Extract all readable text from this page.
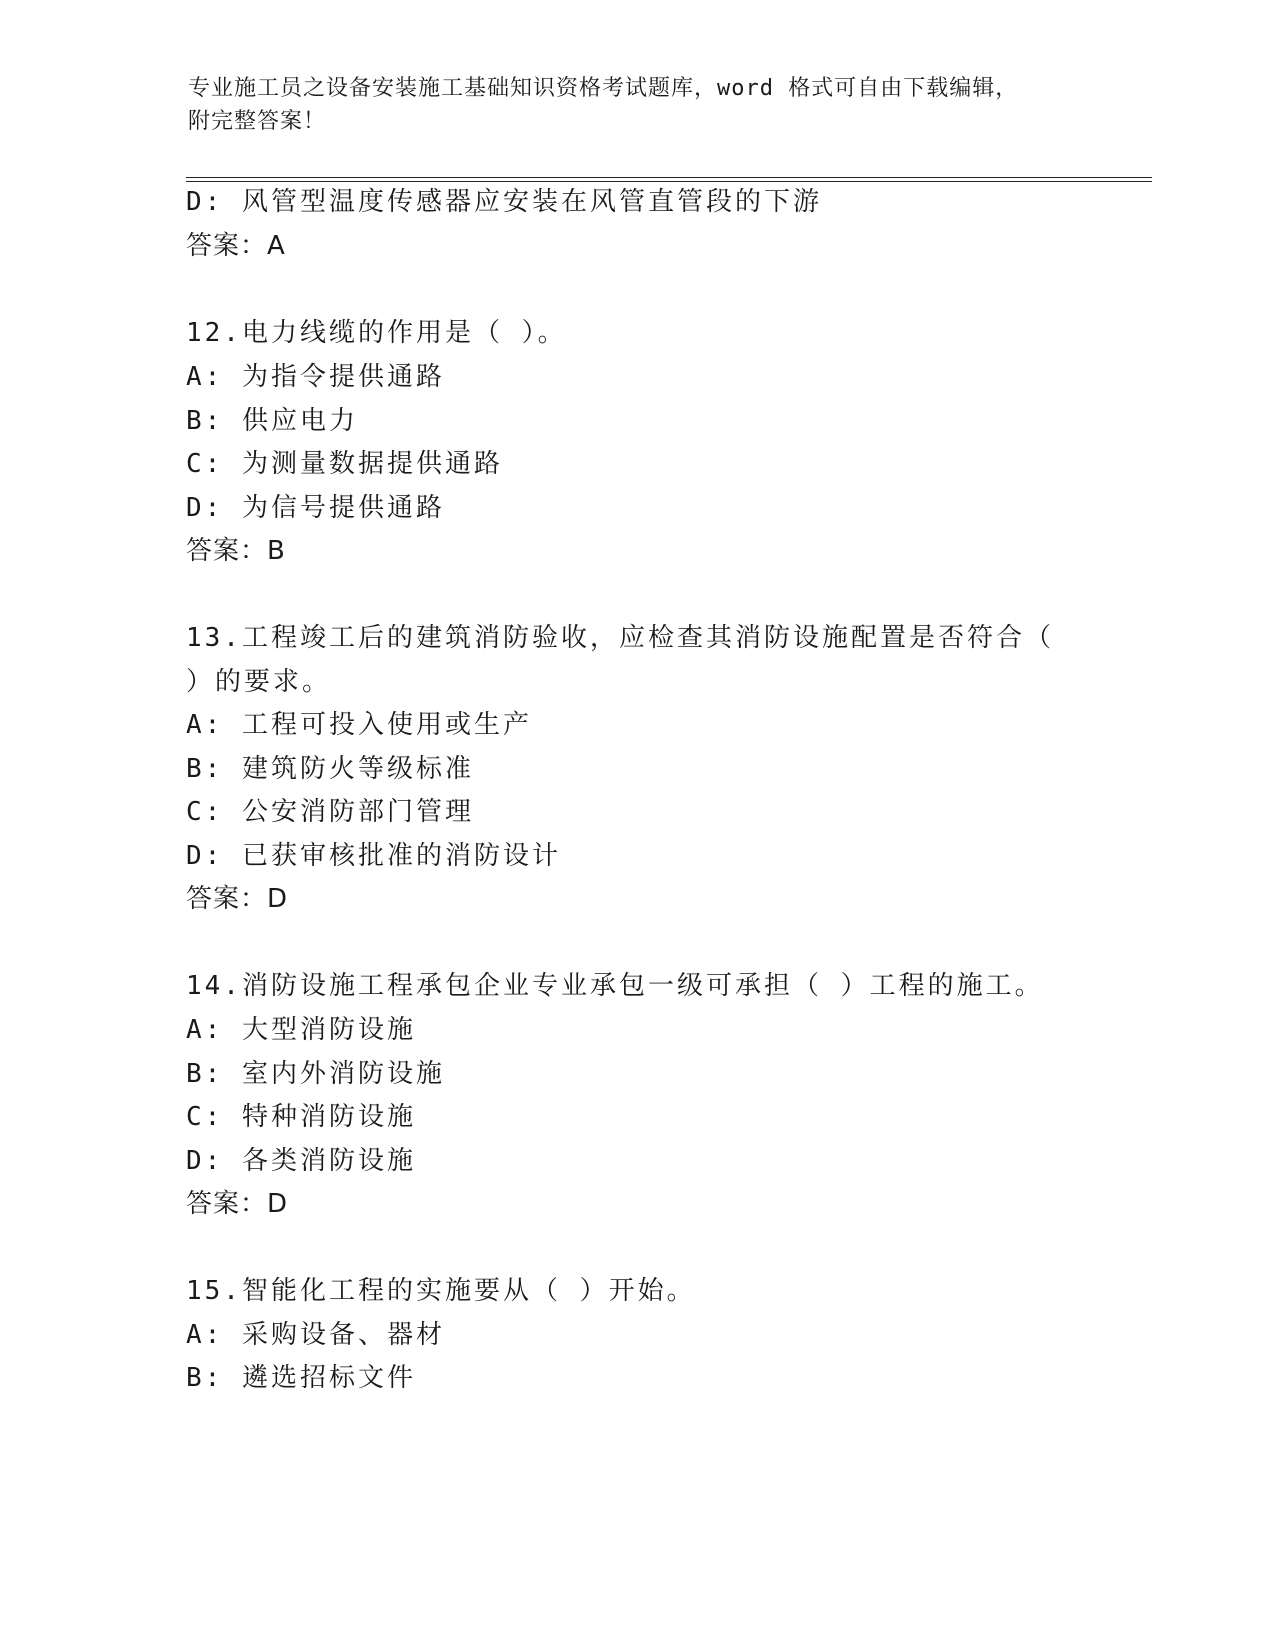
专业施工员之设备安装施工基础知识资格考试题库，word 格式可自由下载编辑，
附完整答案！
D: 风管型温度传感器应安装在风管直管段的下游
答案：A
12.电力线缆的作用是（ ）。
A: 为指令提供通路
B: 供应电力
C: 为测量数据提供通路
D: 为信号提供通路
答案：B
13.工程竣工后的建筑消防验收，应检查其消防设施配置是否符合（
）的要求。
A: 工程可投入使用或生产
B: 建筑防火等级标准
C: 公安消防部门管理
D: 已获审核批准的消防设计
答案：D
14.消防设施工程承包企业专业承包一级可承担（ ）工程的施工。
A: 大型消防设施
B: 室内外消防设施
C: 特种消防设施
D: 各类消防设施
答案：D
15.智能化工程的实施要从（ ）开始。
A: 采购设备、器材
B: 遴选招标文件
